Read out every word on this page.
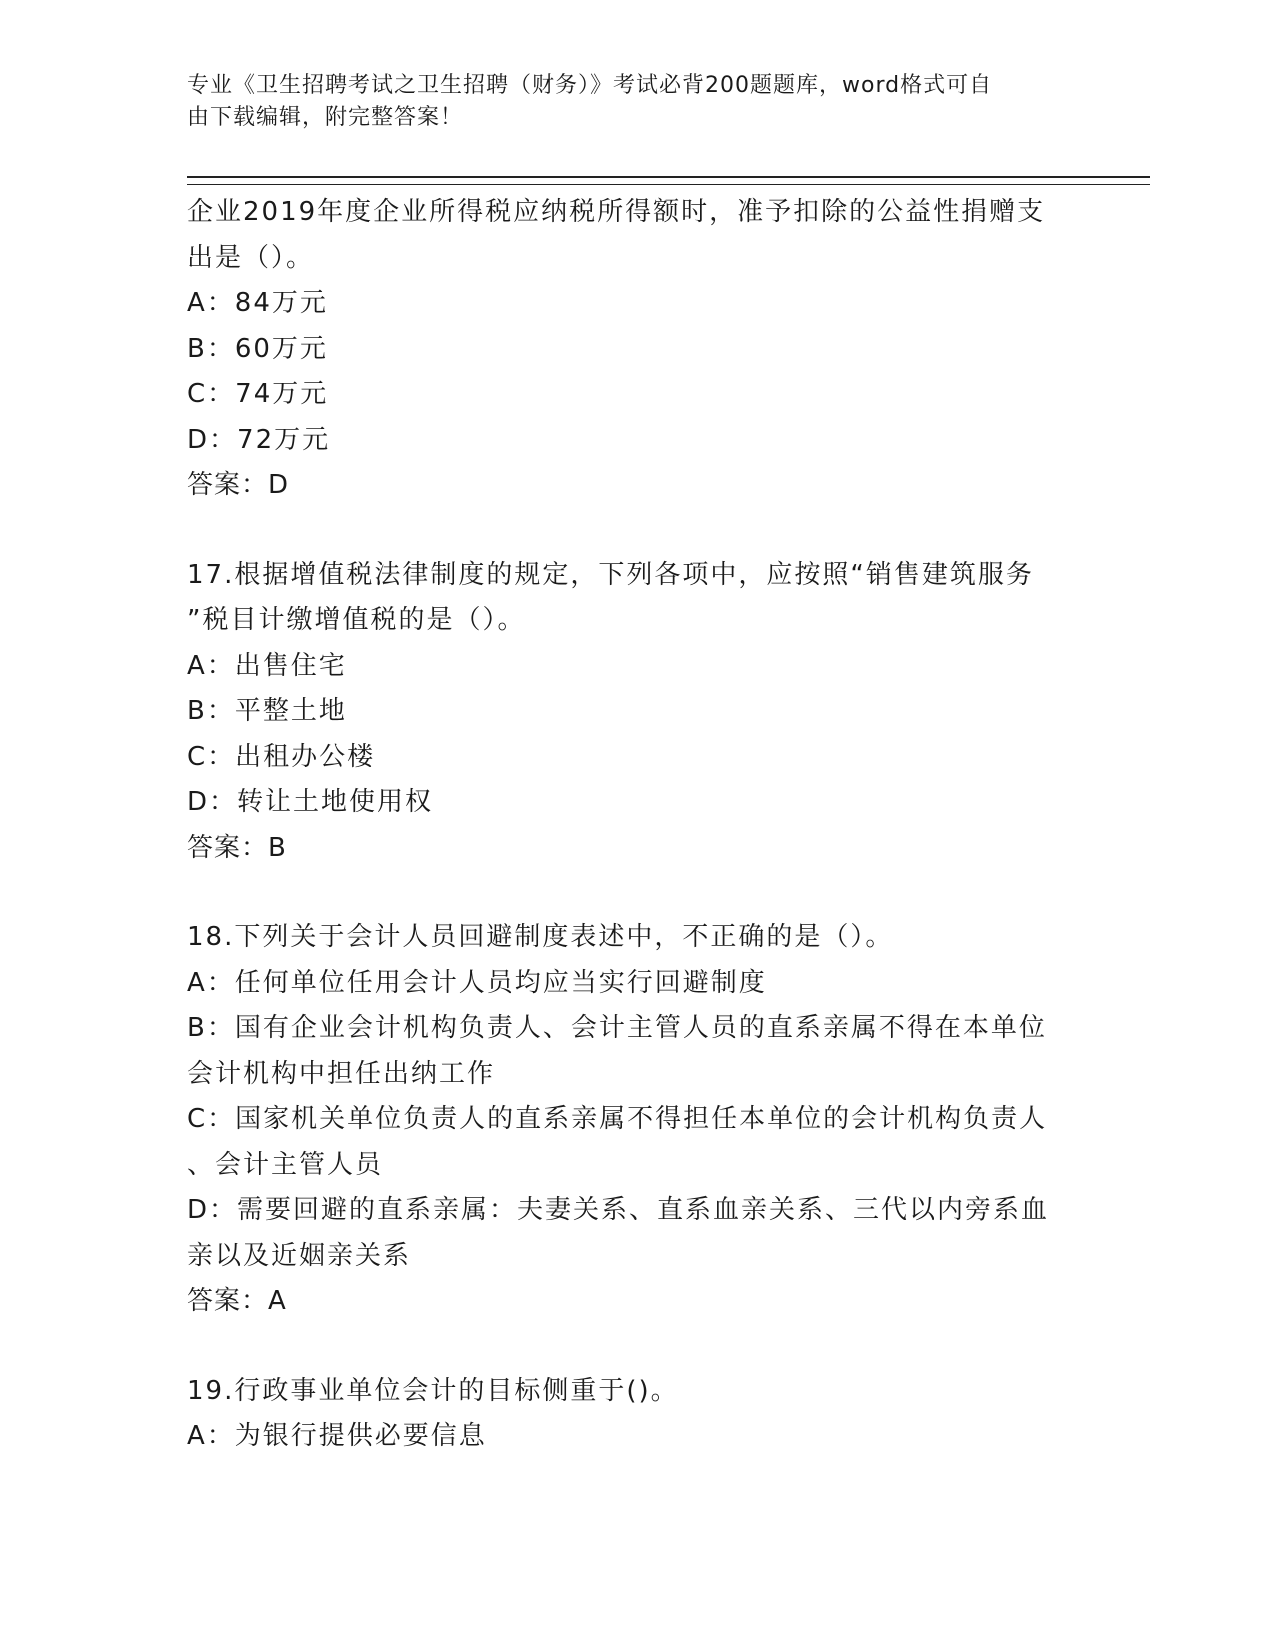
专业《卫生招聘考试之卫生招聘（财务）》考试必背200题题库，word格式可自
由下载编辑，附完整答案！
企业2019年度企业所得税应纳税所得额时，准予扣除的公益性捐赠支
出是（）。
A：84万元
B：60万元
C：74万元
D：72万元
答案：D
17.根据增值税法律制度的规定，下列各项中，应按照“销售建筑服务
”税目计缴增值税的是（）。
A：出售住宅
B：平整土地
C：出租办公楼
D：转让土地使用权
答案：B
18.下列关于会计人员回避制度表述中，不正确的是（）。
A：任何单位任用会计人员均应当实行回避制度
B：国有企业会计机构负责人、会计主管人员的直系亲属不得在本单位
会计机构中担任出纳工作
C：国家机关单位负责人的直系亲属不得担任本单位的会计机构负责人
、会计主管人员
D：需要回避的直系亲属：夫妻关系、直系血亲关系、三代以内旁系血
亲以及近姻亲关系
答案：A
19.行政事业单位会计的目标侧重于()。
A：为银行提供必要信息
